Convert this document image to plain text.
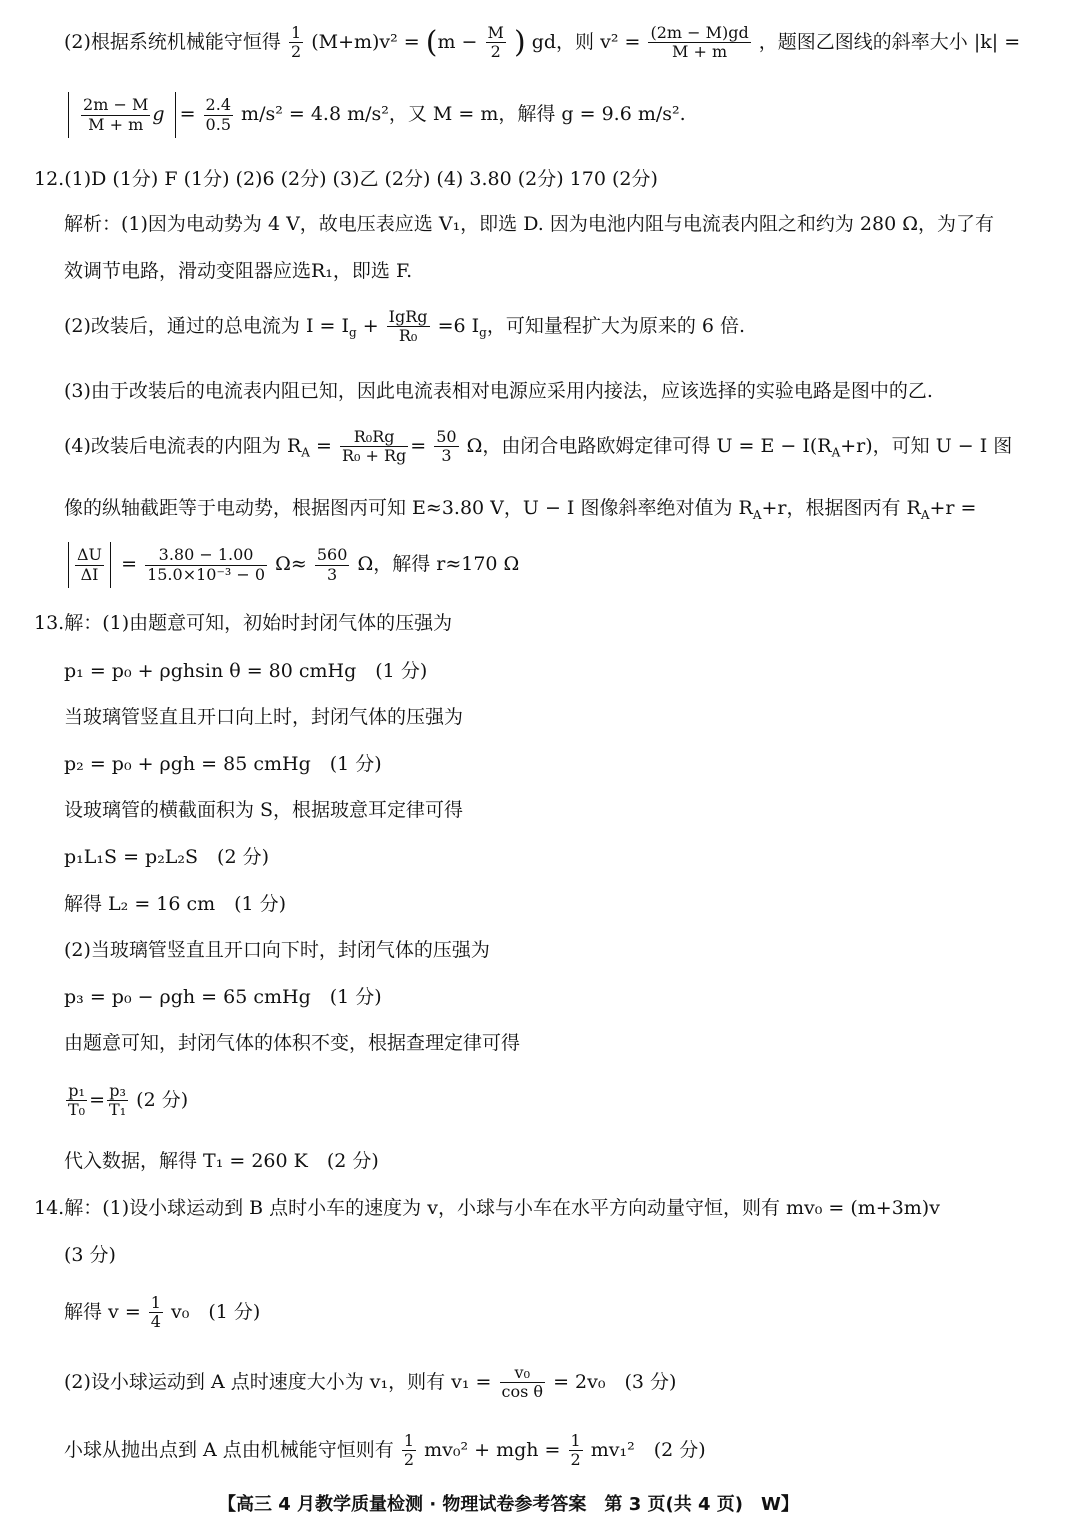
(2)根据系统机械能守恒得 $\frac{1}{2} (M+m)v^2 = (m - \frac{M}{2}$ ) gd，则 $v^2 = \frac{(2m - M)gd}{M + m}$ ，题图乙图线的斜率大小 |k| =

$\frac{2m - M}{M + m}$ $g = \frac{2.4}{0.5} m/s^2 = 4.8$ m/s²，又 M = m，解得 g = 9.6 m/s².
12.(1)D (1分) F (1分) (2)6 (2分) (3)乙 (2分) (4) 3.80 (2分) 170 (2分)
解析：(1)因为电动势为 4 V，故电压表应选 V₁，即选 D. 因为电池内阻与电流表内阻之和约为 280 Ω，为了有
效调节电路，滑动变阻器应选R₁，即选 F.
(2)改装后，通过的总电流为 $I = I_g + \frac{\text{IgRg}}{\text{R₀}} =6$ $I_g$，可知量程扩大为原来的 6 倍.
(3)由于改装后的电流表内阻已知，因此电流表相对电源应采用内接法，应该选择的实验电路是图中的乙.
(4)改装后电流表的内阻为 $R_A = \frac{\text{R₀Rg}}{\text{R₀ + Rg}} = \frac{50}{3}$ Ω，由闭合电路欧姆定律可得 $U = E - I(R_A+r)$，可知 U − I 图
像的纵轴截距等于电动势，根据图丙可知 E≈3.80 V，U − I 图像斜率绝对值为 $R_A+r$，根据图丙有 $R_A+r$ =
$\frac{\Delta U}{\Delta I} = \frac{3.80 - 1.00}{\text{15.0×10⁻³ − 0}} \Omega\approx \frac{560}{3}$ Ω，解得 r≈170 Ω
13.解：(1)由题意可知，初始时封闭气体的压强为
p₁ = p₀ + ρghsin θ = 80 cmHg　(1 分)
当玻璃管竖直且开口向上时，封闭气体的压强为
p₂ = p₀ + ρgh = 85 cmHg　(1 分)
设玻璃管的横截面积为 S，根据玻意耳定律可得
p₁L₁S = p₂L₂S　(2 分)
解得 L₂ = 16 cm　(1 分)
(2)当玻璃管竖直且开口向下时，封闭气体的压强为
p₃ = p₀ − ρgh = 65 cmHg　(1 分)
由题意可知，封闭气体的体积不变，根据查理定律可得
$\frac{\text{p₁}}{\text{T₀}} = \frac{\text{p₃}}{\text{T₁}} (2$ 分)
代入数据，解得 T₁ = 260 K　(2 分)
14.解：(1)设小球运动到 B 点时小车的速度为 v，小球与小车在水平方向动量守恒，则有 mv₀ = (m+3m)v
(3 分)
解得 $v = \frac{1}{4} v_0$　(1 分)
(2)设小球运动到 A 点时速度大小为 v₁，则有 $v_1 = \frac{\text{v₀}}{\text{cos θ}} = 2v_0$　(3 分)
小球从抛出点到 A 点由机械能守恒则有 $\frac{1}{2} mv_0^2$ + mgh = $\frac{1}{2} mv_1^2$　(2 分)
【高三 4 月教学质量检测 · 物理试卷参考答案　第 3 页(共 4 页)　W】
